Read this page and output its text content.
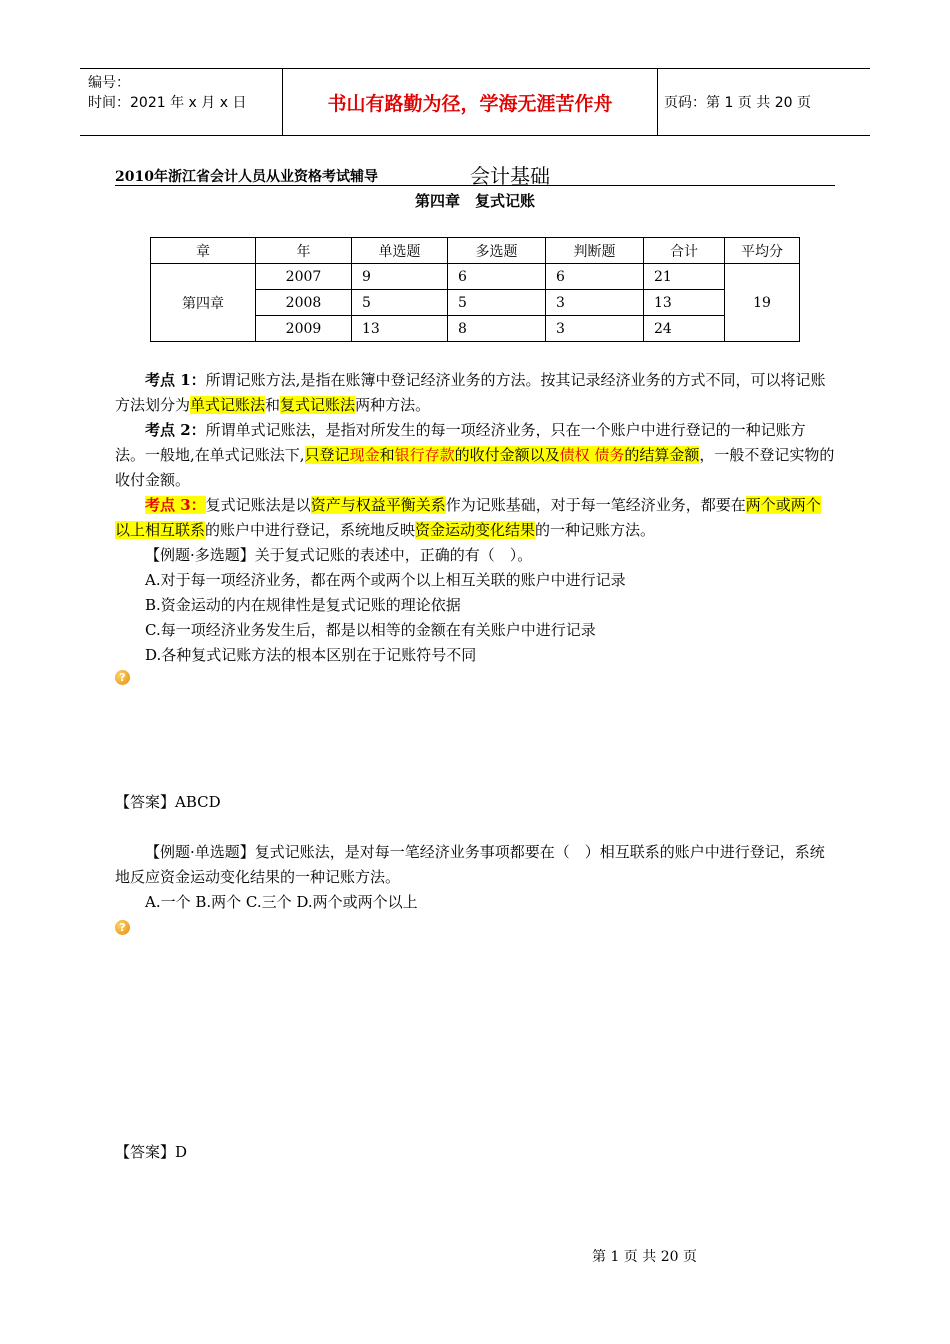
编号：
时间：2021 年 x 月 x 日	书山有路勤为径，学海无涯苦作舟	页码：第 1 页 共 20 页
2010年浙江省会计人员从业资格考试辅导	会计基础
第四章　复式记账
章	年	单选题	多选题	判断题	合计	平均分
第四章	2007	9	6	6	21	19
	2008	5	5	3	13	
	2009	13	8	3	24	

考点 1：所谓记账方法,是指在账簿中登记经济业务的方法。按其记录经济业务的方式不同，可以将记账方法划分为单式记账法和复式记账法两种方法。

考点 2：所谓单式记账法，是指对所发生的每一项经济业务，只在一个账户中进行登记的一种记账方法。一般地,在单式记账法下,只登记现金和银行存款的收付金额以及债权 债务的结算金额，一般不登记实物的收付金额。

考点 3：复式记账法是以资产与权益平衡关系作为记账基础，对于每一笔经济业务，都要在两个或两个以上相互联系的账户中进行登记，系统地反映资金运动变化结果的一种记账方法。

【例题·多选题】关于复式记账的表述中，正确的有（　）。

A.对于每一项经济业务，都在两个或两个以上相互关联的账户中进行记录

B.资金运动的内在规律性是复式记账的理论依据

C.每一项经济业务发生后，都是以相等的金额在有关账户中进行记录

D.各种复式记账方法的根本区别在于记账符号不同

?
【答案】ABCD

【例题·单选题】复式记账法，是对每一笔经济业务事项都要在（　）相互联系的账户中进行登记，系统地反应资金运动变化结果的一种记账方法。

A.一个 B.两个 C.三个 D.两个或两个以上

?
【答案】D
第 1 页 共 20 页
